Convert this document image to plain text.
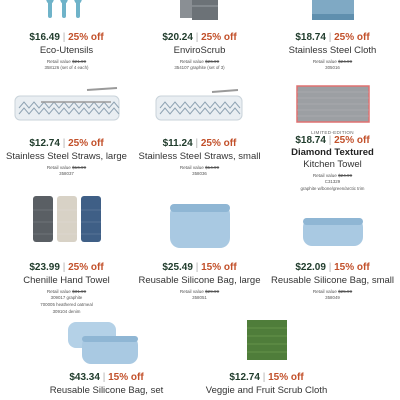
$16.49 | 25% off
Eco-Utensils
Retail value $21.99
358126 (set of 4 each)
$20.24 | 25% off
EnviroScrub
Retail value $26.99
354107 graphite (set of 3)
$18.74 | 25% off
Stainless Steel Cloth
Retail value $24.99
305016
$12.74 | 25% off
Stainless Steel Straws, large
Retail value $16.99
358037
$11.24 | 25% off
Stainless Steel Straws, small
Retail value $14.99
358036
LIMITED-EDITION
$18.74 | 25% off
Diamond Textured
Kitchen Towel
Retail value $24.99
C31329
graphite w/bone/green/arctic trim
$23.99 | 25% off
Chenille Hand Towel
Retail value $31.99
309017 graphite
700005 heathered oatmeal
309104 denim
$25.49 | 15% off
Reusable Silicone Bag, large
Retail value $29.99
358051
$22.09 | 15% off
Reusable Silicone Bag, small
Retail value $25.99
358049
$43.34 | 15% off
Reusable Silicone Bag, set
$12.74 | 15% off
Veggie and Fruit Scrub Cloth
